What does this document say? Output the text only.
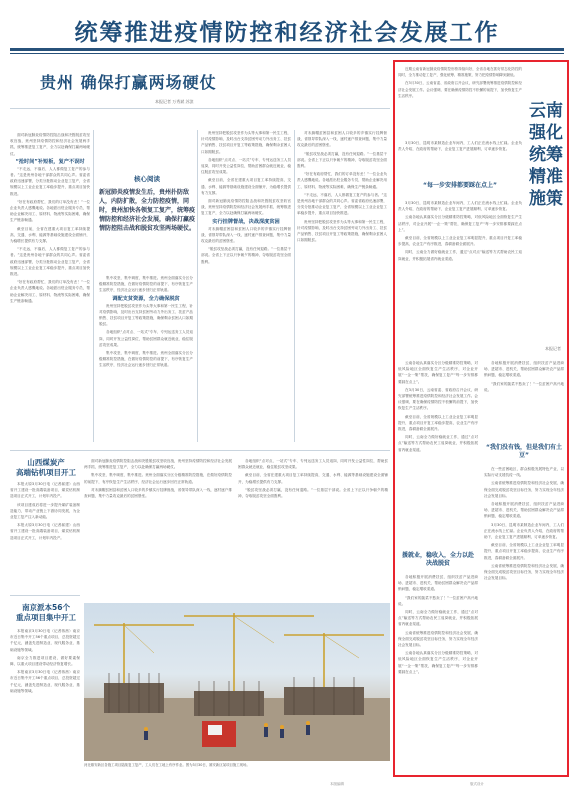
统筹推进疫情防控和经济社会发展工作
贵州 确保打赢两场硬仗
本报记者 万秀斌 苏滨

面对新冠肺炎疫情防控阻击战和决胜脱贫攻坚收官战，贵州坚持疫情防控和经济社会发展两手抓，统筹推进复工复产，全力以赴确保打赢两场硬仗。

“抢时间”补短板，复产不误时

“不走远，不落后，人人都做复工复产的参与者。”这是贵州各地干部群众的共同心声。省委省政府迅速部署，分类分批推动企业复工复产，全省规模以上工业企业复工率稳步提升，重点项目加快推进。

“好在有政府帮忙，我们的订单没有丢！”一位企业负责人感慨地说。各地派出驻企服务专员，帮助企业解决用工、原材料、物流等实际困难，确保生产链条畅通。

截至目前，全省在建重大项目复工率持续提高，交通、水利、能源等基础设施建设全面铺开，为稳增长提供有力支撑。

“不走远，不落后，人人都做复工复产的参与者。”这是贵州各地干部群众的共同心声。省委省政府迅速部署，分类分批推动企业复工复产，全省规模以上工业企业复工率稳步提升，重点项目加快推进。

“好在有政府帮忙，我们的订单没有丢！”一位企业负责人感慨地说。各地派出驻企服务专员，帮助企业解决用工、原材料、物流等实际困难，确保生产链条畅通。

核心阅读
新冠肺炎疫情发生后，贵州扑防敌人，内防扩散，全力防控疫情，同时，贵州加快各领复工复产，统筹疫情防控和经济社会发展，确保打赢疫情防控阻击战和脱贫攻坚两场硬仗。

集中攻坚，集中调度，集中推进。贵州全面落实分区分级精准防控措施，在做好疫情防控的前提下，有序恢复生产生活秩序，经济社会运行逐步回归正常轨道。

调配支贫资源，全力确保脱贫

贵州坚持把脱贫攻坚作为头等大事和第一民生工程，针对疫情影响，及时出台支持贫困劳动力外出务工、扶贫产品销售、扶贫项目开复工等政策措施，确保剩余贫困人口如期脱贫。

各地组织“点对点、一站式”专车、专列运送务工人员返岗，同时开发公益性岗位，帮助贫困群众就近就业，稳住脱贫攻坚成果。

集中攻坚，集中调度，集中推进。贵州全面落实分区分级精准防控措施，在做好疫情防控的前提下，有序恢复生产生活秩序，经济社会运行逐步回归正常轨道。

贵州坚持把脱贫攻坚作为头等大事和第一民生工程，针对疫情影响，及时出台支持贫困劳动力外出务工、扶贫产品销售、扶贫项目开复工等政策措施，确保剩余贫困人口如期脱贫。

各地组织“点对点、一站式”专车、专列运送务工人员返岗，同时开发公益性岗位，帮助贫困群众就近就业，稳住脱贫攻坚成果。

截至目前，全省在建重大项目复工率持续提高，交通、水利、能源等基础设施建设全面铺开，为稳增长提供有力支撑。

面对新冠肺炎疫情防控阻击战和决胜脱贫攻坚收官战，贵州坚持疫情防控和经济社会发展两手抓，统筹推进复工复产，全力以赴确保打赢两场硬仗。

实行挂牌督战，决战深度贫困

对未摘帽贫困县和贫困人口较多的乡镇实行挂牌督战，省领导带队深入一线，逐村逐户排查问题，集中力量攻克最后的贫困堡垒。

“脱贫攻坚战必须打赢，没有任何退路。”一位基层干部说。全省上下正以只争朝夕的精神，夺取脱贫攻坚全面胜利。

对未摘帽贫困县和贫困人口较多的乡镇实行挂牌督战，省领导带队深入一线，逐村逐户排查问题，集中力量攻克最后的贫困堡垒。

“脱贫攻坚战必须打赢，没有任何退路。”一位基层干部说。全省上下正以只争朝夕的精神，夺取脱贫攻坚全面胜利。

“好在有政府帮忙，我们的订单没有丢！”一位企业负责人感慨地说。各地派出驻企服务专员，帮助企业解决用工、原材料、物流等实际困难，确保生产链条畅通。

“不走远，不落后，人人都做复工复产的参与者。”这是贵州各地干部群众的共同心声。省委省政府迅速部署，分类分批推动企业复工复产，全省规模以上工业企业复工率稳步提升，重点项目加快推进。

贵州坚持把脱贫攻坚作为头等大事和第一民生工程，针对疫情影响，及时出台支持贫困劳动力外出务工、扶贫产品销售、扶贫项目开复工等政策措施，确保剩余贫困人口如期脱贫。

山西煤炭产
高端钻机项目开工

本报太原3月30日电（记者郝建）山西省开工建设一批高端装备项目，煤炭钻机制造项目正式开工，计划年内投产。

该项目建成后将进一步提升煤矿装备制造能力，带动产业链上下游协同发展，为企业复工复产注入新动能。

本报太原3月30日电（记者郝建）山西省开工建设一批高端装备项目，煤炭钻机制造项目正式开工，计划年内投产。

南京派本56个
重点项目集中开工

本报南京3月30日电（记者蒋茜）南京市近日集中开工56个重点项目，总投资超过千亿元，涵盖先进制造业、现代服务业、基础设施等领域。

南京全力推进项目建设，做好要素保障，以重大项目建设带动经济恢复增长。

本报南京3月30日电（记者蒋茜）南京市近日集中开工56个重点项目，总投资超过千亿元，涵盖先进制造业、现代服务业、基础设施等领域。

面对新冠肺炎疫情防控阻击战和决胜脱贫攻坚收官战，贵州坚持疫情防控和经济社会发展两手抓，统筹推进复工复产，全力以赴确保打赢两场硬仗。

集中攻坚，集中调度，集中推进。贵州全面落实分区分级精准防控措施，在做好疫情防控的前提下，有序恢复生产生活秩序，经济社会运行逐步回归正常轨道。

对未摘帽贫困县和贫困人口较多的乡镇实行挂牌督战，省领导带队深入一线，逐村逐户排查问题，集中力量攻克最后的贫困堡垒。

各地组织“点对点、一站式”专车、专列运送务工人员返岗，同时开发公益性岗位，帮助贫困群众就近就业，稳住脱贫攻坚成果。

截至目前，全省在建重大项目复工率持续提高，交通、水利、能源等基础设施建设全面铺开，为稳增长提供有力支撑。

“脱贫攻坚战必须打赢，没有任何退路。”一位基层干部说。全省上下正以只争朝夕的精神，夺取脱贫攻坚全面胜利。

河北雄安新区各施工项目陆续复工复产，工人们在工地上有序作业。图为3月30日，雄安新区某项目施工现场。

近期云南省新冠肺炎疫情防控形势持续向好，全省各地在抓好常态化防控的同时，全力推动复工复产，强化统筹、精准施策，努力把疫情影响降到最低。

在3月30日，云南省委、省政府召开会议，研究部署统筹推进疫情防控和经济社会发展工作。会议强调，要在确保疫情防控不松懈的前提下，加快恢复生产生活秩序。

云南 强化统筹精准施策
本报记者

3月30日，昆明市某制造企业车间内，工人们正在流水线上忙碌。企业负责人介绍，在政府的帮助下，企业复工复产进展顺利，订单逐步恢复。

“每一步安排都要踩在点上”

3月30日，昆明市某制造企业车间内，工人们正在流水线上忙碌。企业负责人介绍，在政府的帮助下，企业复工复产进展顺利，订单逐步恢复。

云南各地认真落实分区分级精准防控策略，对低风险地区全面恢复生产生活秩序，对企业开展“一企一策”帮扶，确保复工复产“每一步安排都要踩在点上”。

截至目前，全省规模以上工业企业复工率明显提升，重点项目开复工率稳步提高，农业生产有序推进，春耕备耕全面展开。

同时，云南全力做好稳就业工作，通过“点对点”输送等方式帮助农民工返岗就业，并积极拓展省内就业渠道。

云南各地认真落实分区分级精准防控策略，对低风险地区全面恢复生产生活秩序，对企业开展“一企一策”帮扶，确保复工复产“每一步安排都要踩在点上”。

在3月30日，云南省委、省政府召开会议，研究部署统筹推进疫情防控和经济社会发展工作。会议强调，要在确保疫情防控不松懈的前提下，加快恢复生产生活秩序。

截至目前，全省规模以上工业企业复工率明显提升，重点项目开复工率稳步提高，农业生产有序推进，春耕备耕全面展开。

同时，云南全力做好稳就业工作，通过“点对点”输送等方式帮助农民工返岗就业，并积极拓展省内就业渠道。

各地积极开展消费扶贫，组织扶贫产品进商场、进超市、进机关，帮助贫困群众解决农产品滞销问题，稳定增收渠道。

“我们家的蔬菜不愁卖了！”一位贫困户高兴地说。

“我们没有钱，但是我们有土豆”

在一些贫困地区，群众积极发展特色产业，以实际行动支援抗疫一线。

云南省统筹推进疫情防控和经济社会发展，确保全面完成脱贫攻坚目标任务，努力实现全年经济社会发展目标。

各地积极开展消费扶贫，组织扶贫产品进商场、进超市、进机关，帮助贫困群众解决农产品滞销问题，稳定增收渠道。

3月30日，昆明市某制造企业车间内，工人们正在流水线上忙碌。企业负责人介绍，在政府的帮助下，企业复工复产进展顺利，订单逐步恢复。

截至目前，全省规模以上工业企业复工率明显提升，重点项目开复工率稳步提高，农业生产有序推进，春耕备耕全面展开。

云南省统筹推进疫情防控和经济社会发展，确保全面完成脱贫攻坚目标任务，努力实现全年经济社会发展目标。

援就业，稳收入，全力以赴决战脱贫

各地积极开展消费扶贫，组织扶贫产品进商场、进超市、进机关，帮助贫困群众解决农产品滞销问题，稳定增收渠道。

“我们家的蔬菜不愁卖了！”一位贫困户高兴地说。

同时，云南全力做好稳就业工作，通过“点对点”输送等方式帮助农民工返岗就业，并积极拓展省内就业渠道。

云南省统筹推进疫情防控和经济社会发展，确保全面完成脱贫攻坚目标任务，努力实现全年经济社会发展目标。

云南各地认真落实分区分级精准防控策略，对低风险地区全面恢复生产生活秩序，对企业开展“一企一策”帮扶，确保复工复产“每一步安排都要踩在点上”。

本版编辑	版式设计
